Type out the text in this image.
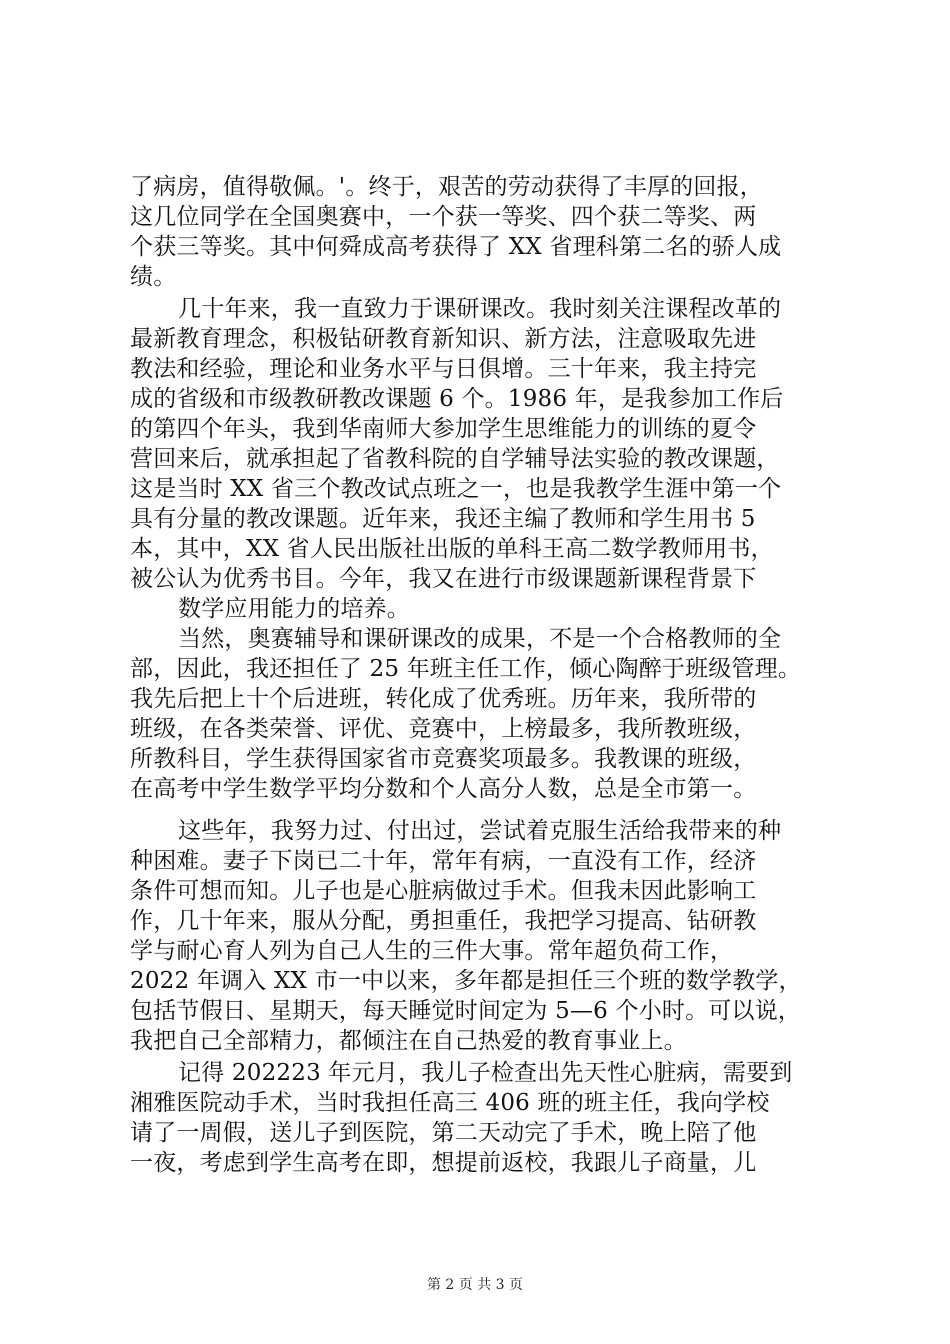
了病房，值得敬佩。'。终于，艰苦的劳动获得了丰厚的回报，
这几位同学在全国奥赛中，一个获一等奖、四个获二等奖、两
个获三等奖。其中何舜成高考获得了 XX 省理科第二名的骄人成
绩。
几十年来，我一直致力于课研课改。我时刻关注课程改革的
最新教育理念，积极钻研教育新知识、新方法，注意吸取先进
教法和经验，理论和业务水平与日俱增。三十年来，我主持完
成的省级和市级教研教改课题 6 个。1986 年，是我参加工作后
的第四个年头，我到华南师大参加学生思维能力的训练的夏令
营回来后，就承担起了省教科院的自学辅导法实验的教改课题，
这是当时 XX 省三个教改试点班之一，也是我教学生涯中第一个
具有分量的教改课题。近年来，我还主编了教师和学生用书 5
本，其中，XX 省人民出版社出版的单科王高二数学教师用书，
被公认为优秀书目。今年，我又在进行市级课题新课程背景下
数学应用能力的培养。
当然，奥赛辅导和课研课改的成果，不是一个合格教师的全
部，因此，我还担任了 25 年班主任工作，倾心陶醉于班级管理。
我先后把上十个后进班，转化成了优秀班。历年来，我所带的
班级，在各类荣誉、评优、竞赛中，上榜最多，我所教班级，
所教科目，学生获得国家省市竞赛奖项最多。我教课的班级，
在高考中学生数学平均分数和个人高分人数，总是全市第一。
这些年，我努力过、付出过，尝试着克服生活给我带来的种
种困难。妻子下岗已二十年，常年有病，一直没有工作，经济
条件可想而知。儿子也是心脏病做过手术。但我未因此影响工
作，几十年来，服从分配，勇担重任，我把学习提高、钻研教
学与耐心育人列为自己人生的三件大事。常年超负荷工作，
2022 年调入 XX 市一中以来，多年都是担任三个班的数学教学，
包括节假日、星期天，每天睡觉时间定为 5—6 个小时。可以说，
我把自己全部精力，都倾注在自己热爱的教育事业上。
记得 202223 年元月，我儿子检查出先天性心脏病，需要到
湘雅医院动手术，当时我担任高三 406 班的班主任，我向学校
请了一周假，送儿子到医院，第二天动完了手术，晚上陪了他
一夜，考虑到学生高考在即，想提前返校，我跟儿子商量，儿
第 2 页 共 3 页
